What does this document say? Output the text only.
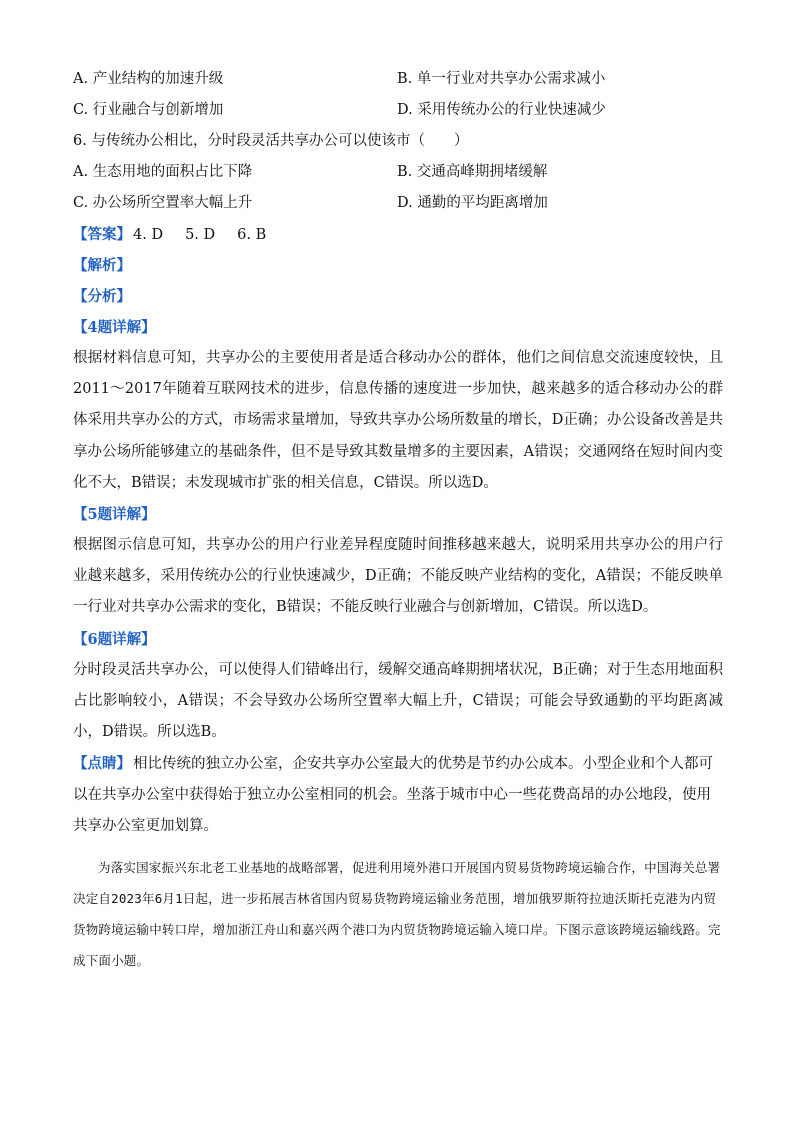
A. 产业结构的加速升级	B. 单一行业对共享办公需求减小
C. 行业融合与创新增加	D. 采用传统办公的行业快速减少
6. 与传统办公相比，分时段灵活共享办公可以使该市（　　）
A. 生态用地的面积占比下降	B. 交通高峰期拥堵缓解
C. 办公场所空置率大幅上升	D. 通勤的平均距离增加
【答案】 4. D 5. D 6. B
【解析】
【分析】
【4题详解】

根据材料信息可知，共享办公的主要使用者是适合移动办公的群体，他们之间信息交流速度较快，且2011～2017年随着互联网技术的进步，信息传播的速度进一步加快，越来越多的适合移动办公的群体采用共享办公的方式，市场需求量增加，导致共享办公场所数量的增长，D正确；办公设备改善是共享办公场所能够建立的基础条件，但不是导致其数量增多的主要因素，A错误；交通网络在短时间内变化不大，B错误；未发现城市扩张的相关信息，C错误。所以选D。

【5题详解】

根据图示信息可知，共享办公的用户行业差异程度随时间推移越来越大，说明采用共享办公的用户行业越来越多，采用传统办公的行业快速减少，D正确；不能反映产业结构的变化，A错误；不能反映单一行业对共享办公需求的变化，B错误；不能反映行业融合与创新增加，C错误。所以选D。

【6题详解】

分时段灵活共享办公，可以使得人们错峰出行，缓解交通高峰期拥堵状况，B正确；对于生态用地面积占比影响较小，A错误；不会导致办公场所空置率大幅上升，C错误；可能会导致通勤的平均距离减小，D错误。所以选B。

【点睛】 相比传统的独立办公室，企安共享办公室最大的优势是节约办公成本。小型企业和个人都可以在共享办公室中获得始于独立办公室相同的机会。坐落于城市中心一些花费高昂的办公地段，使用共享办公室更加划算。

为落实国家振兴东北老工业基地的战略部署，促进利用境外港口开展国内贸易货物跨境运输合作，中国海关总署决定自2023年6月1日起，进一步拓展吉林省国内贸易货物跨境运输业务范围，增加俄罗斯符拉迪沃斯托克港为内贸货物跨境运输中转口岸，增加浙江舟山和嘉兴两个港口为内贸货物跨境运输入境口岸。下图示意该跨境运输线路。完成下面小题。
